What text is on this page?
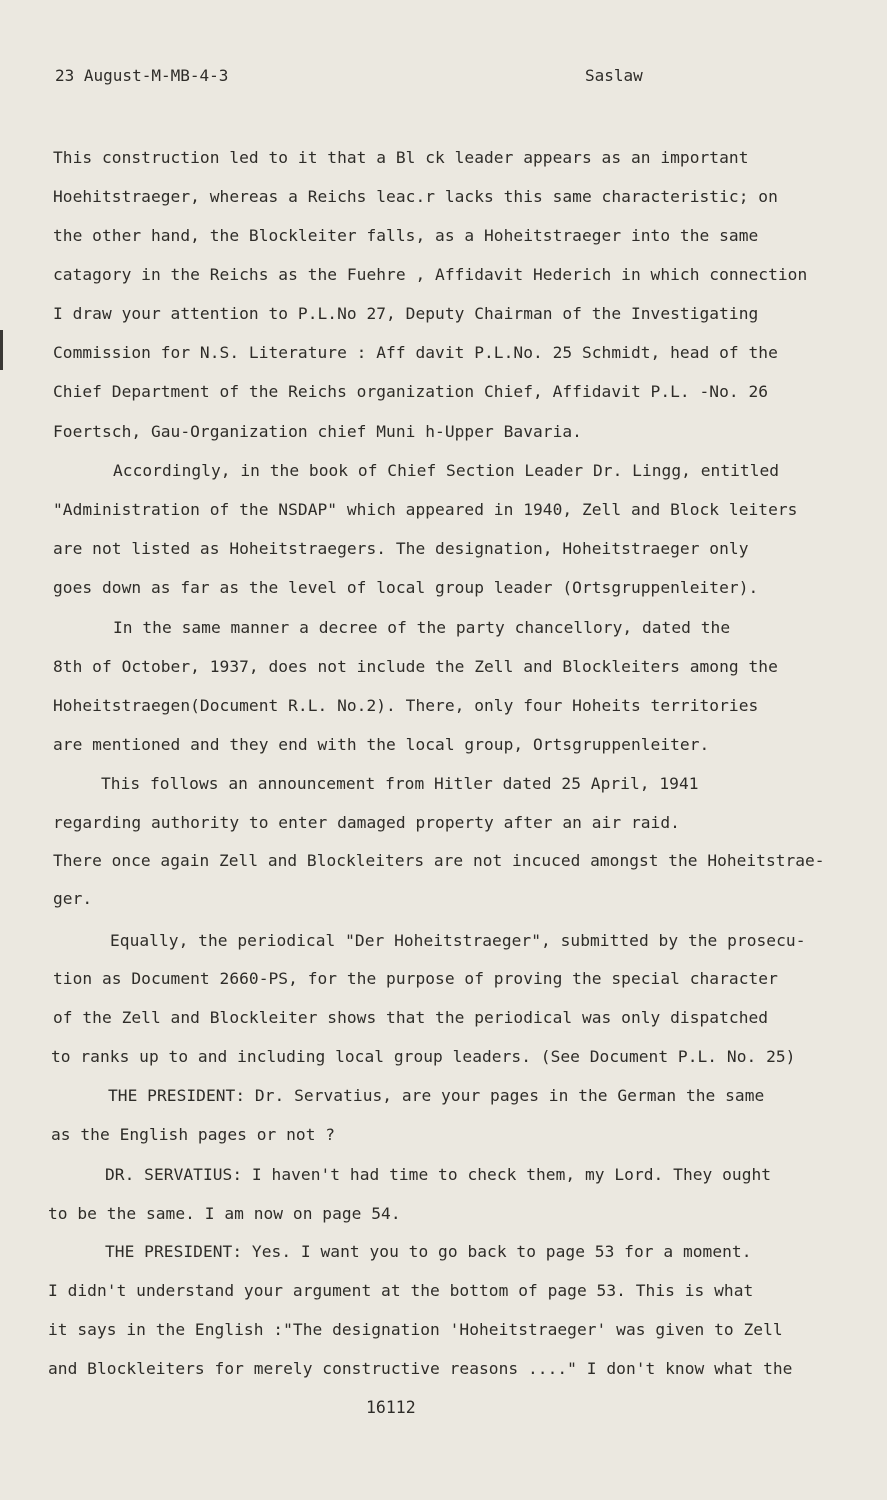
23 August-M-MB-4-3	Saslaw
This construction led to it that a Bl ck leader appears as an important
Hoehitstraeger, whereas a Reichs leac.r lacks this same characteristic; on
the other hand, the Blockleiter falls, as a Hoheitstraeger into the same
catagory in the Reichs as the Fuehre , Affidavit Hederich in which connection
I draw your attention to P.L.No 27, Deputy Chairman of the Investigating
Commission for N.S. Literature : Aff davit P.L.No. 25 Schmidt, head of the
Chief Department of the Reichs organization Chief, Affidavit P.L. -No. 26
Foertsch, Gau-Organization chief Muni h-Upper Bavaria.
Accordingly, in the book of Chief Section Leader Dr. Lingg, entitled
"Administration of the NSDAP" which appeared in 1940, Zell and Block leiters
are not listed as Hoheitstraegers. The designation, Hoheitstraeger only
goes down as far as the level of local group leader (Ortsgruppenleiter).
In the same manner a decree of the party chancellory, dated the
8th of October, 1937, does not include the Zell and Blockleiters among the
Hoheitstraegen(Document R.L. No.2). There, only four Hoheits territories
are mentioned and they end with the local group, Ortsgruppenleiter.
This follows an announcement from Hitler dated 25 April, 1941
regarding authority to enter damaged property after an air raid.
There once again Zell and Blockleiters are not incuced amongst the Hoheitstrae-
ger.
Equally, the periodical "Der Hoheitstraeger", submitted by the prosecu-
tion as Document 2660-PS, for the purpose of proving the special character
of the Zell and Blockleiter shows that the periodical was only dispatched
to ranks up to and including local group leaders. (See Document P.L. No. 25)
THE PRESIDENT: Dr. Servatius, are your pages in the German the same
as the English pages or not ?
DR. SERVATIUS: I haven't had time to check them, my Lord. They ought
to be the same. I am now on page 54.
THE PRESIDENT: Yes. I want you to go back to page 53 for a moment.
I didn't understand your argument at the bottom of page 53. This is what
it says in the English :"The designation 'Hoheitstraeger' was given to Zell
and Blockleiters for merely constructive reasons ...." I don't know what the
16112
